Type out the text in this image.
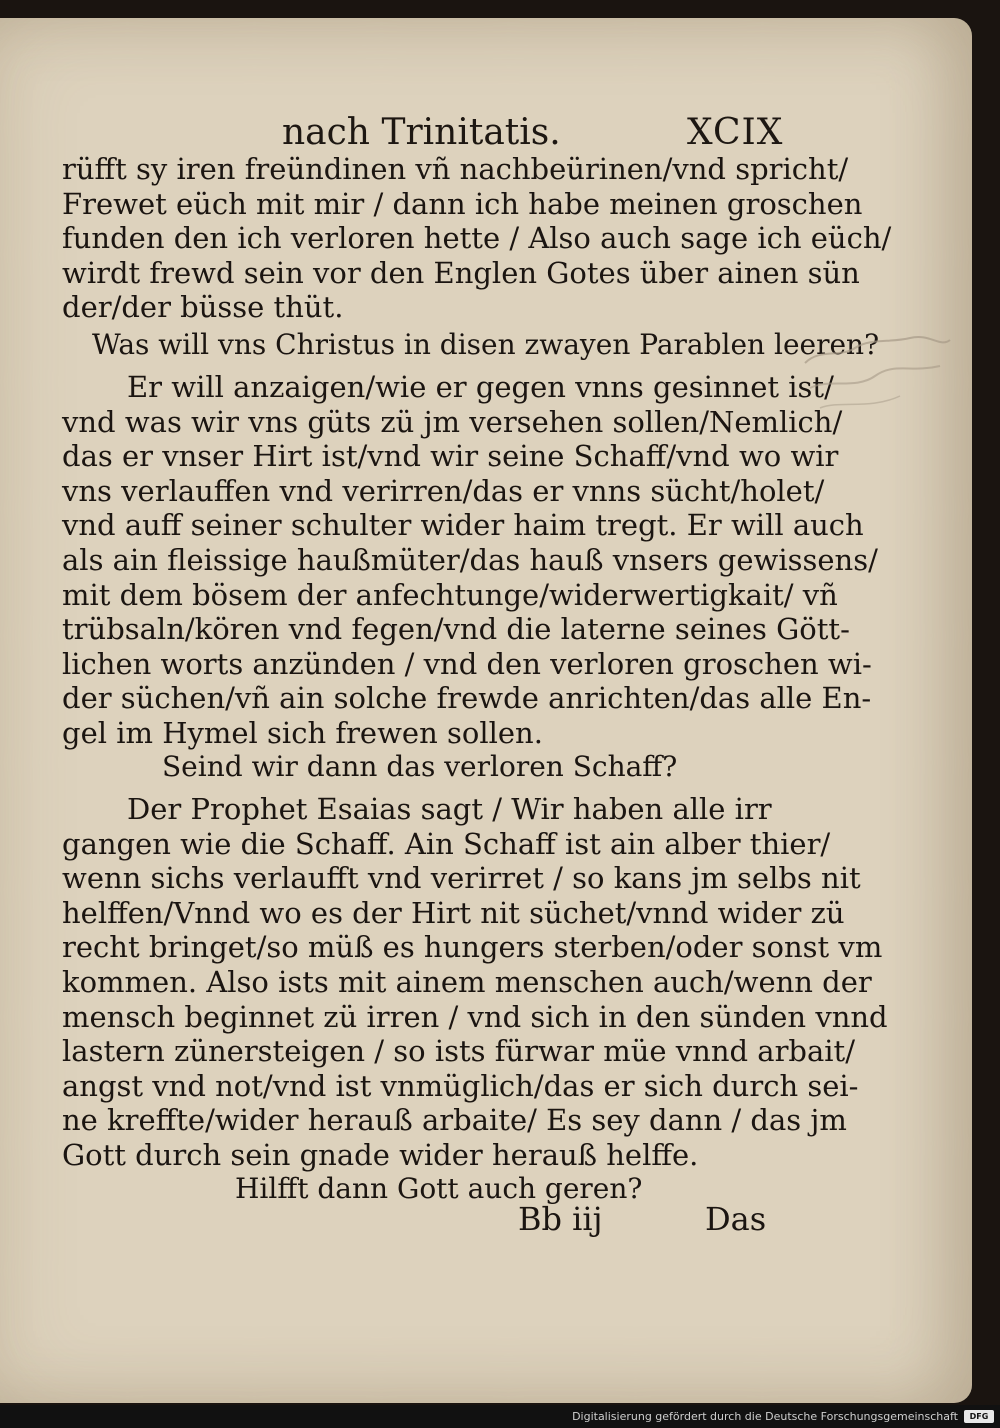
nach Trinitatis.	XCIX
rüfft sy iren freündinen vñ nachbeürinen/vnd spricht/
Frewet eüch mit mir / dann ich habe meinen groschen
funden den ich verloren hette / Also auch sage ich eüch/
wirdt frewd sein vor den Englen Gotes über ainen sün
der/der büsse thüt.
Was will vns Christus in disen zwayen Parablen leeren?
Er will anzaigen/wie er gegen vnns gesinnet ist/
vnd was wir vns güts zü jm versehen sollen/Nemlich/
das er vnser Hirt ist/vnd wir seine Schaff/vnd wo wir
vns verlauffen vnd verirren/das er vnns sücht/holet/
vnd auff seiner schulter wider haim tregt. Er will auch
als ain fleissige haußmüter/das hauß vnsers gewissens/
mit dem bösem der anfechtunge/widerwertigkait/ vñ
trübsaln/kören vnd fegen/vnd die laterne seines Gött-
lichen worts anzünden / vnd den verloren groschen wi-
der süchen/vñ ain solche frewde anrichten/das alle En-
gel im Hymel sich frewen sollen.
Seind wir dann das verloren Schaff?
Der Prophet Esaias sagt / Wir haben alle irr
gangen wie die Schaff. Ain Schaff ist ain alber thier/
wenn sichs verlaufft vnd verirret / so kans jm selbs nit
helffen/Vnnd wo es der Hirt nit süchet/vnnd wider zü
recht bringet/so müß es hungers sterben/oder sonst vm
kommen. Also ists mit ainem menschen auch/wenn der
mensch beginnet zü irren / vnd sich in den sünden vnnd
lastern zünersteigen / so ists fürwar müe vnnd arbait/
angst vnd not/vnd ist vnmüglich/das er sich durch sei-
ne kreffte/wider herauß arbaite/ Es sey dann / das jm
Gott durch sein gnade wider herauß helffe.
Hilfft dann Gott auch geren?
Bb iij	Das
Digitalisierung gefördert durch die Deutsche Forschungsgemeinschaft	DFG
